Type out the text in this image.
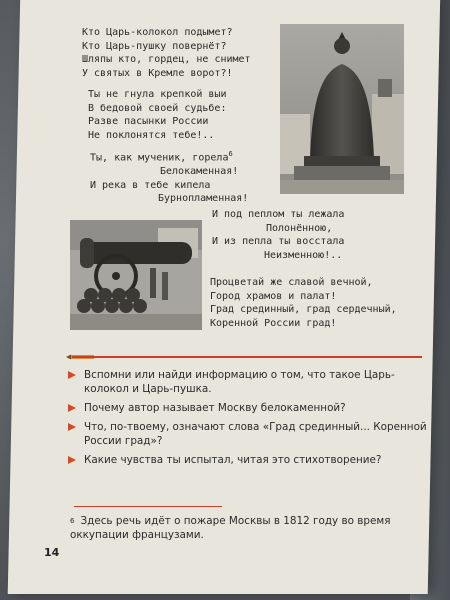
Кто Царь-колокол подымет?
Кто Царь-пушку повернёт?
Шляпы кто, гордец, не снимет
У святых в Кремле ворот?!
Ты не гнула крепкой выи
В бедовой своей судьбе:
Разве пасынки России
Не поклонятся тебе!..
Ты, как мученик, горела$^6$
Белокаменная!
И река в тебе кипела
Бурнопламенная!
И под пеплом ты лежала
Полонённою,
И из пепла ты восстала
Неизменною!..
Процветай же славой вечной,
Город храмов и палат!
Град срединный, град сердечный,
Коренной России град!
Вспомни или найди информацию о том, что такое Царь-колокол и Царь-пушка.
Почему автор называет Москву белокаменной?
Что, по-твоему, означают слова «Град срединный... Коренной России град»?
Какие чувства ты испытал, читая это стихотворение?
$^6$ Здесь речь идёт о пожаре Москвы в 1812 году во время оккупации французами.
14
